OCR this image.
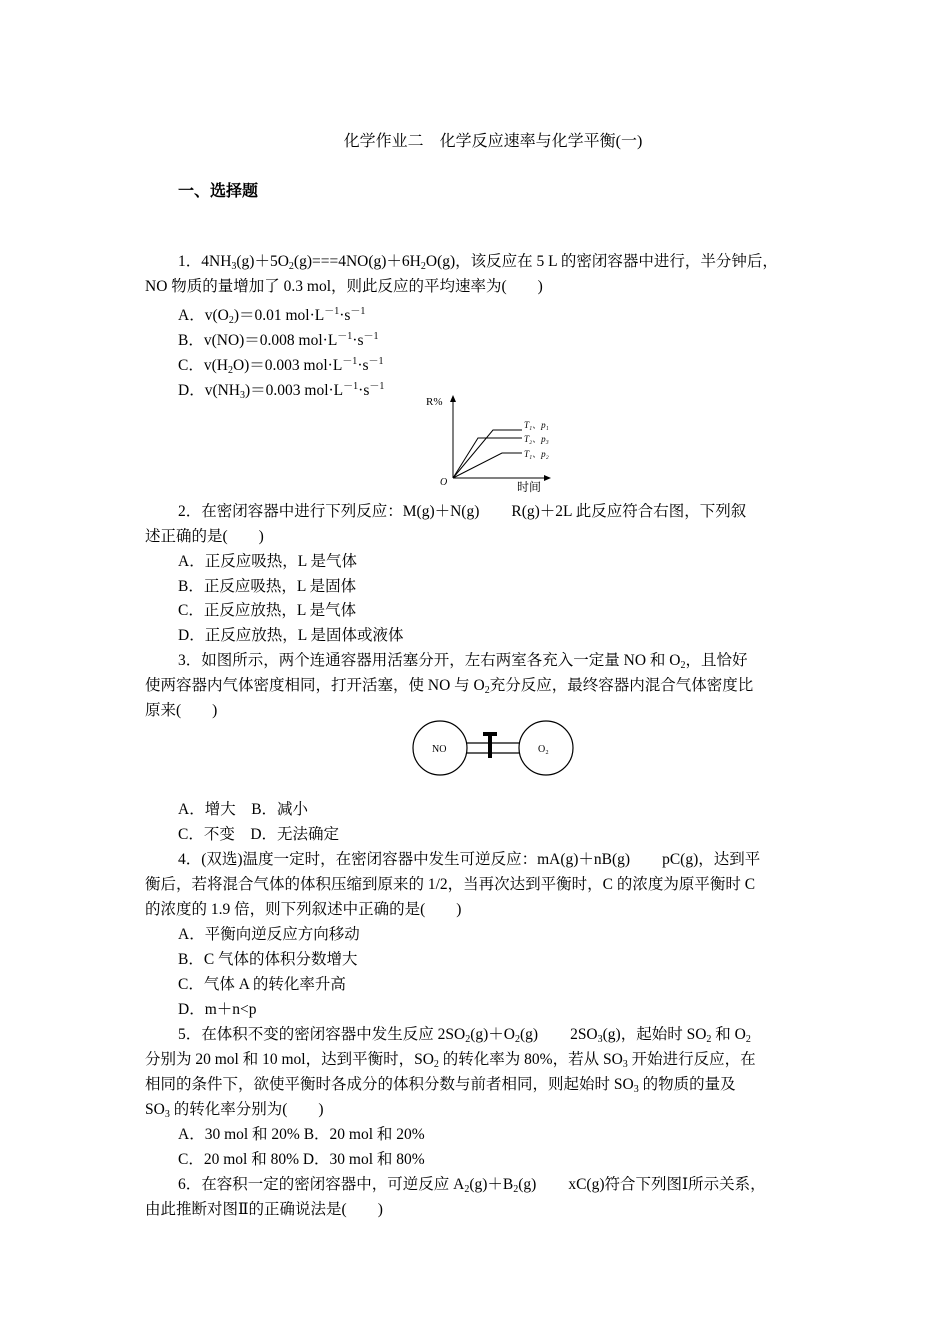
化学作业二　化学反应速率与化学平衡(一)
一、选择题
1．$4NH_3(g)+5O_2(g)===4NO(g)+6H_2O(g)$，该反应在 5 L 的密闭容器中进行，半分钟后，
NO 物质的量增加了 0.3 mol，则此反应的平均速率为(　　)
A．$v(O_2)=0.01$ $mol\cdot L^{-1}\cdot s^{-1}$
B．v(NO)＝0.008 $mol\cdot L^{-1}\cdot s^{-1}$
C．$v(H_2O)=0.003$ $mol\cdot L^{-1}\cdot s^{-1}$
D．$v(NH_3)=0.003$ $mol\cdot L^{-1}\cdot s^{-1}$
R%
O	时间
T₁、p₁
T₂、p₃
T₁、p₂
2．在密闭容器中进行下列反应：M(g)＋N(g) R(g)＋2L 此反应符合右图，下列叙
述正确的是(　　)
A．正反应吸热，L 是气体
B．正反应吸热，L 是固体
C．正反应放热，L 是气体
D．正反应放热，L 是固体或液体
3．如图所示，两个连通容器用活塞分开，左右两室各充入一定量 NO 和 $O_2$，且恰好
使两容器内气体密度相同，打开活塞，使 NO 与 $O_2$充分反应，最终容器内混合气体密度比
原来(　　)
NO	O₂
A．增大　B．减小
C．不变　D．无法确定
4．(双选)温度一定时，在密闭容器中发生可逆反应：mA(g)＋nB(g) pC(g)，达到平
衡后，若将混合气体的体积压缩到原来的 1/2，当再次达到平衡时，C 的浓度为原平衡时 C
的浓度的 1.9 倍，则下列叙述中正确的是(　　)
A．平衡向逆反应方向移动
B．C 气体的体积分数增大
C．气体 A 的转化率升高
D．m＋n<p
5．在体积不变的密闭容器中发生反应 $2SO_2(g)+O_2(g)$ $2SO_3(g)$，起始时 $SO_2$ 和 $O_2$
分别为 20 mol 和 10 mol，达到平衡时，$SO_2$ 的转化率为 80%，若从 $SO_3$ 开始进行反应，在
相同的条件下，欲使平衡时各成分的体积分数与前者相同，则起始时 $SO_3$ 的物质的量及
$SO_3$ 的转化率分别为(　　)
A．30 mol 和 20% B．20 mol 和 20%
C．20 mol 和 80% D．30 mol 和 80%
6．在容积一定的密闭容器中，可逆反应 $A_2(g)+B_2(g)$ xC(g)符合下列图Ⅰ所示关系，
由此推断对图Ⅱ的正确说法是(　　)
